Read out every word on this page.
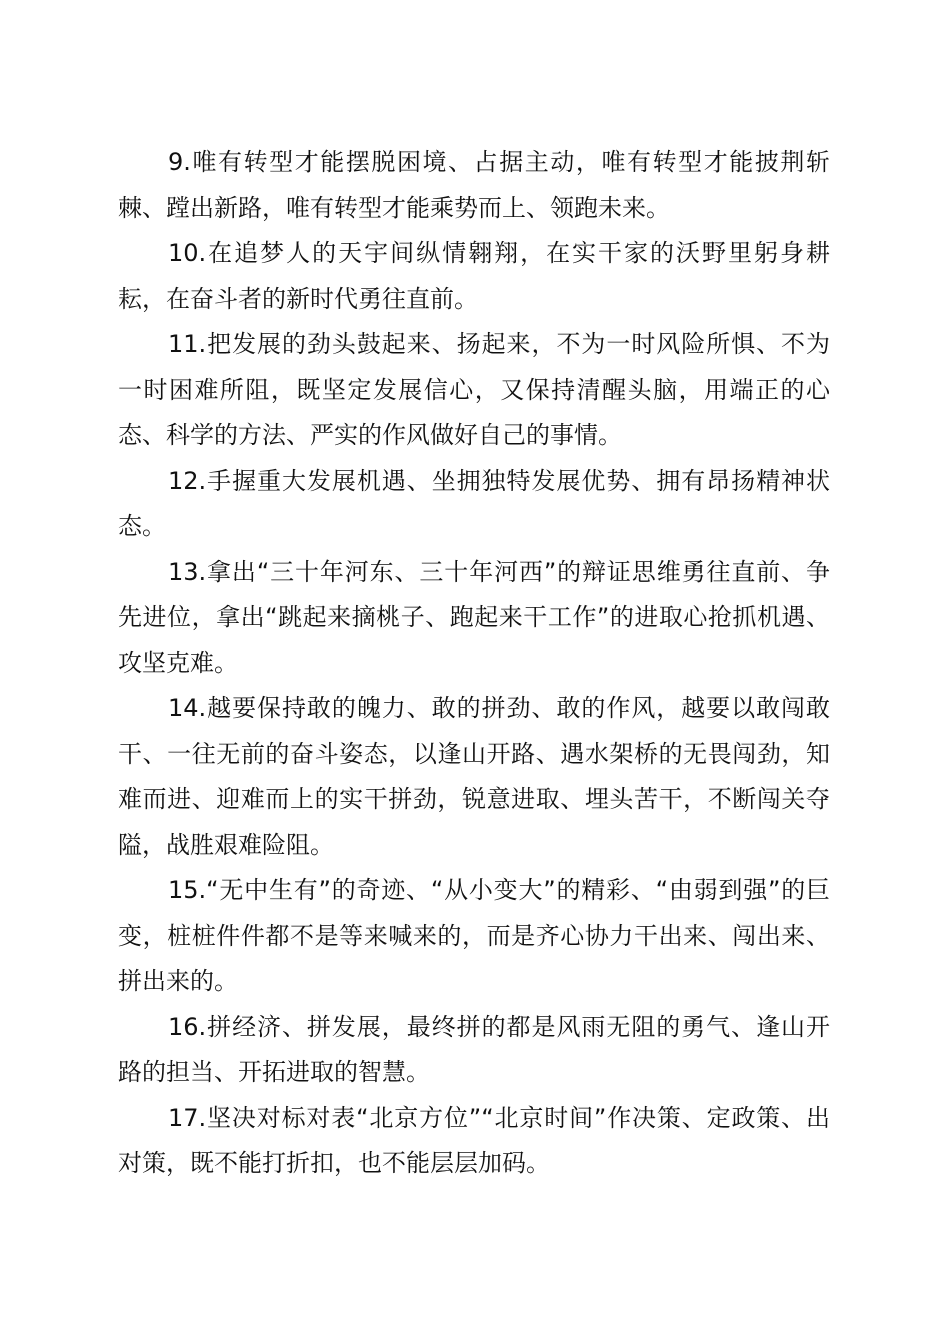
9.唯有转型才能摆脱困境、占据主动，唯有转型才能披荆斩棘、蹚出新路，唯有转型才能乘势而上、领跑未来。

10.在追梦人的天宇间纵情翱翔，在实干家的沃野里躬身耕耘，在奋斗者的新时代勇往直前。

11.把发展的劲头鼓起来、扬起来，不为一时风险所惧、不为一时困难所阻，既坚定发展信心，又保持清醒头脑，用端正的心态、科学的方法、严实的作风做好自己的事情。

12.手握重大发展机遇、坐拥独特发展优势、拥有昂扬精神状态。

13.拿出“三十年河东、三十年河西”的辩证思维勇往直前、争先进位，拿出“跳起来摘桃子、跑起来干工作”的进取心抢抓机遇、攻坚克难。

14.越要保持敢的魄力、敢的拼劲、敢的作风，越要以敢闯敢干、一往无前的奋斗姿态，以逢山开路、遇水架桥的无畏闯劲，知难而进、迎难而上的实干拼劲，锐意进取、埋头苦干，不断闯关夺隘，战胜艰难险阻。

15.“无中生有”的奇迹、“从小变大”的精彩、“由弱到强”的巨变，桩桩件件都不是等来喊来的，而是齐心协力干出来、闯出来、拼出来的。

16.拼经济、拼发展，最终拼的都是风雨无阻的勇气、逢山开路的担当、开拓进取的智慧。

17.坚决对标对表“北京方位”“北京时间”作决策、定政策、出对策，既不能打折扣，也不能层层加码。
